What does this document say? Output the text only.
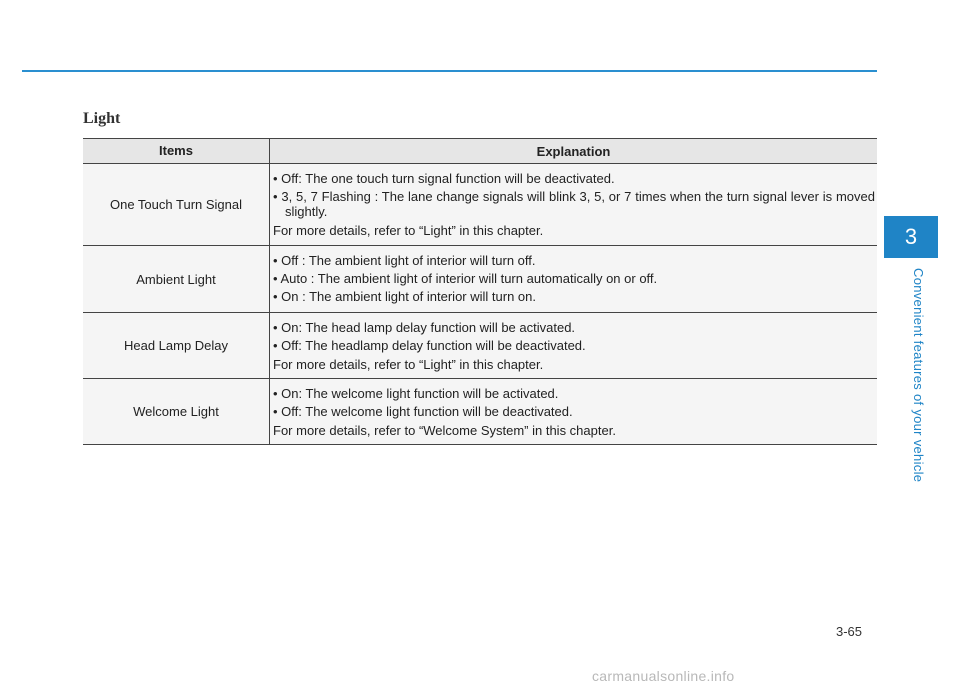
Light
Items	Explanation
One Touch Turn Signal
• Off: The one touch turn signal function will be deactivated.
• 3, 5, 7 Flashing : The lane change signals will blink 3, 5, or 7 times when the turn signal lever is moved slightly.
For more details, refer to “Light” in this chapter.
Ambient Light
• Off : The ambient light of interior will turn off.
• Auto : The ambient light of interior will turn automatically on or off.
• On : The ambient light of interior will turn on.
Head Lamp Delay
• On: The head lamp delay function will be activated.
• Off: The headlamp delay function will be deactivated.
For more details, refer to “Light” in this chapter.
Welcome Light
• On: The welcome light function will be activated.
• Off: The welcome light function will be deactivated.
For more details, refer to “Welcome System” in this chapter.
3
Convenient features of your vehicle
3-65
carmanualsonline.info
